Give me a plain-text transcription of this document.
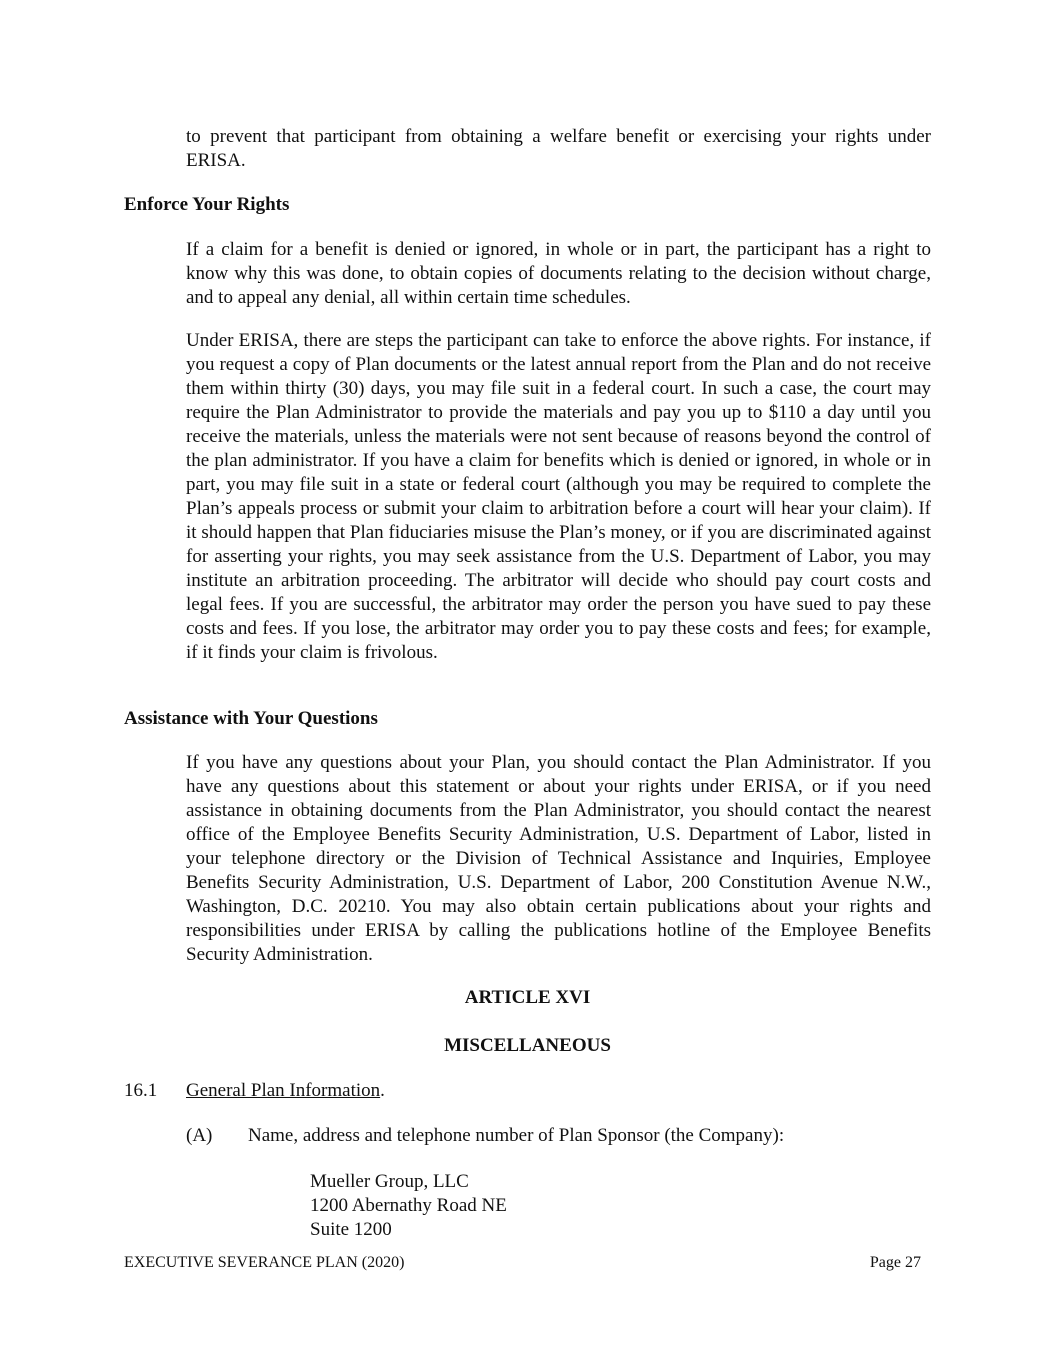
to prevent that participant from obtaining a welfare benefit or exercising your rights under ERISA.

Enforce Your Rights

If a claim for a benefit is denied or ignored, in whole or in part, the participant has a right to know why this was done, to obtain copies of documents relating to the decision without charge, and to appeal any denial, all within certain time schedules.

Under ERISA, there are steps the participant can take to enforce the above rights. For instance, if you request a copy of Plan documents or the latest annual report from the Plan and do not receive them within thirty (30) days, you may file suit in a federal court. In such a case, the court may require the Plan Administrator to provide the materials and pay you up to $110 a day until you receive the materials, unless the materials were not sent because of reasons beyond the control of the plan administrator. If you have a claim for benefits which is denied or ignored, in whole or in part, you may file suit in a state or federal court (although you may be required to complete the Plan’s appeals process or submit your claim to arbitration before a court will hear your claim). If it should happen that Plan fiduciaries misuse the Plan’s money, or if you are discriminated against for asserting your rights, you may seek assistance from the U.S. Department of Labor, you may institute an arbitration proceeding. The arbitrator will decide who should pay court costs and legal fees. If you are successful, the arbitrator may order the person you have sued to pay these costs and fees. If you lose, the arbitrator may order you to pay these costs and fees; for example, if it finds your claim is frivolous.

Assistance with Your Questions

If you have any questions about your Plan, you should contact the Plan Administrator. If you have any questions about this statement or about your rights under ERISA, or if you need assistance in obtaining documents from the Plan Administrator, you should contact the nearest office of the Employee Benefits Security Administration, U.S. Department of Labor, listed in your telephone directory or the Division of Technical Assistance and Inquiries, Employee Benefits Security Administration, U.S. Department of Labor, 200 Constitution Avenue N.W., Washington, D.C. 20210. You may also obtain certain publications about your rights and responsibilities under ERISA by calling the publications hotline of the Employee Benefits Security Administration.

ARTICLE XVI
MISCELLANEOUS
16.1 General Plan Information.
(A) Name, address and telephone number of Plan Sponsor (the Company):
Mueller Group, LLC
1200 Abernathy Road NE
Suite 1200
EXECUTIVE SEVERANCE PLAN (2020)	Page 27
